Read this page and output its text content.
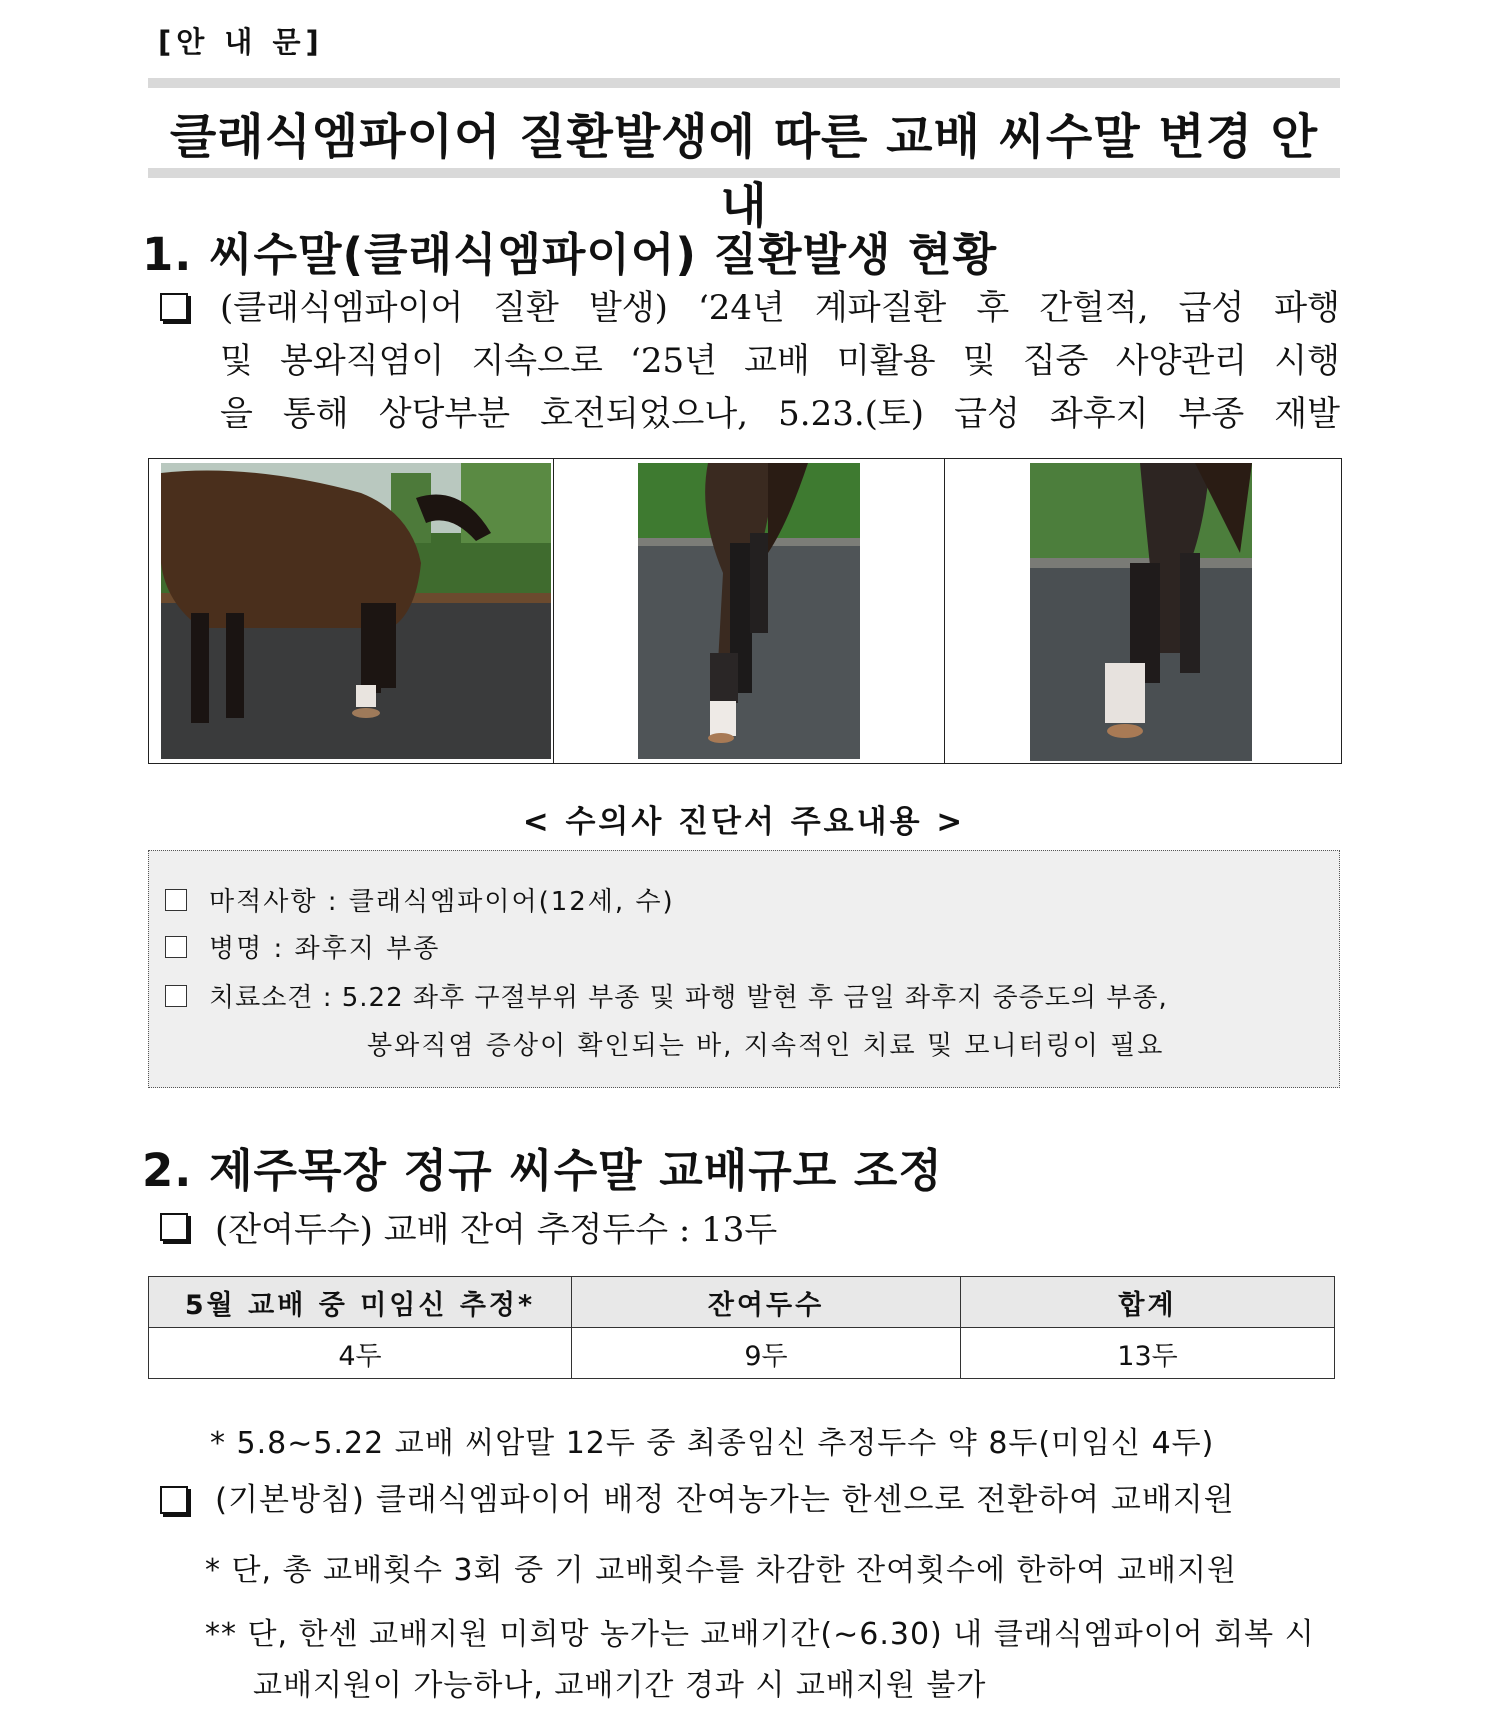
[안 내 문]
클래식엠파이어 질환발생에 따른 교배 씨수말 변경 안내
1. 씨수말(클래식엠파이어) 질환발생 현황
(클래식엠파이어 질환 발생) ‘24년 계파질환 후 간헐적, 급성 파행
및 봉와직염이 지속으로 ‘25년 교배 미활용 및 집중 사양관리 시행
을 통해 상당부분 호전되었으나, 5.23.(토) 급성 좌후지 부종 재발
< 수의사 진단서 주요내용 >
마적사항 : 클래식엠파이어(12세, 수)
병명 : 좌후지 부종
치료소견 : 5.22 좌후 구절부위 부종 및 파행 발현 후 금일 좌후지 중증도의 부종,
봉와직염 증상이 확인되는 바, 지속적인 치료 및 모니터링이 필요
2. 제주목장 정규 씨수말 교배규모 조정
(잔여두수) 교배 잔여 추정두수 : 13두
5월 교배 중 미임신 추정*	잔여두수	합계
4두	9두	13두
* 5.8∼5.22 교배 씨암말 12두 중 최종임신 추정두수 약 8두(미임신 4두)
(기본방침) 클래식엠파이어 배정 잔여농가는 한센으로 전환하여 교배지원
* 단, 총 교배횟수 3회 중 기 교배횟수를 차감한 잔여횟수에 한하여 교배지원
** 단, 한센 교배지원 미희망 농가는 교배기간(∼6.30) 내 클래식엠파이어 회복 시
교배지원이 가능하나, 교배기간 경과 시 교배지원 불가
